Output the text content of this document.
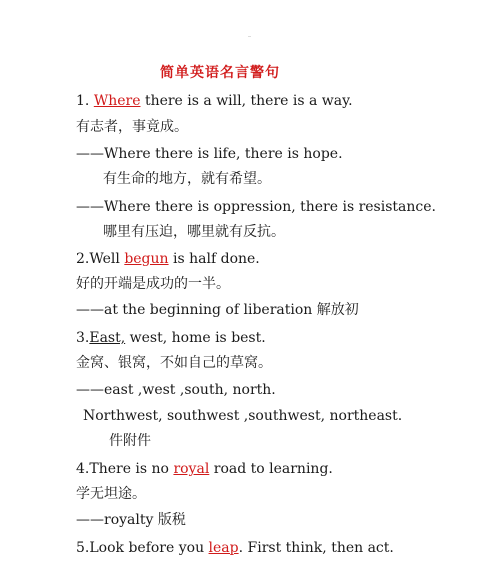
简单英语名言警句
1. Where there is a will, there is a way.
有志者，事竟成。
——Where there is life, there is hope.
有生命的地方，就有希望。
——Where there is oppression, there is resistance.
哪里有压迫，哪里就有反抗。
2.Well begun is half done.
好的开端是成功的一半。
——at the beginning of liberation 解放初
3.East, west, home is best.
金窝、银窝，不如自己的草窝。
——east ,west ,south, north.
Northwest, southwest ,southwest, northeast.
件附件
4.There is no royal road to learning.
学无坦途。
——royalty 版税
5.Look before you leap. First think, then act.
